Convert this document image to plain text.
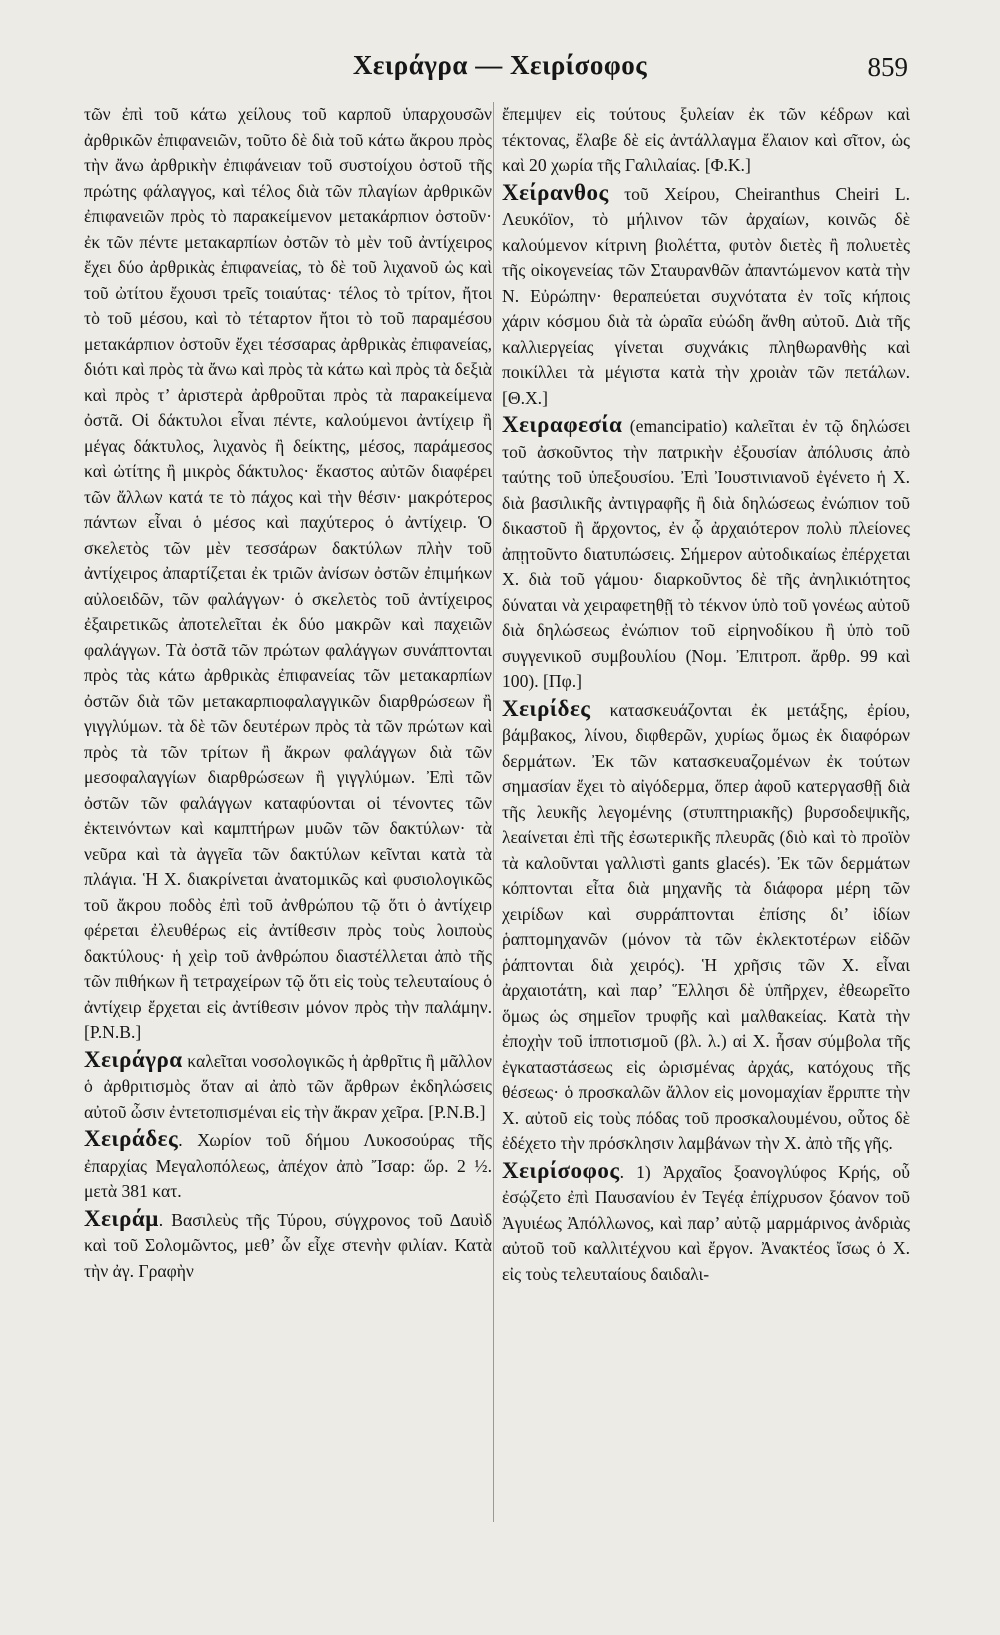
Χειράγρα — Χειρίσοφος	859

τῶν ἐπὶ τοῦ κάτω χείλους τοῦ καρποῦ ὑπαρχουσῶν ἀρθρικῶν ἐπιφανειῶν, τοῦτο δὲ διὰ τοῦ κάτω ἄκρου πρὸς τὴν ἄνω ἀρθρικὴν ἐπιφάνειαν τοῦ συστοίχου ὀστοῦ τῆς πρώτης φάλαγγος, καὶ τέλος διὰ τῶν πλαγίων ἀρθρικῶν ἐπιφανειῶν πρὸς τὸ παρακείμενον μετακάρπιον ὀστοῦν· ἐκ τῶν πέντε μετακαρπίων ὀστῶν τὸ μὲν τοῦ ἀντίχειρος ἔχει δύο ἀρθρικὰς ἐπιφανείας, τὸ δὲ τοῦ λιχανοῦ ὡς καὶ τοῦ ὠτίτου ἔχουσι τρεῖς τοιαύτας· τέλος τὸ τρίτον, ἤτοι τὸ τοῦ μέσου, καὶ τὸ τέταρτον ἤτοι τὸ τοῦ παραμέσου μετακάρπιον ὀστοῦν ἔχει τέσσαρας ἀρθρικὰς ἐπιφανείας, διότι καὶ πρὸς τὰ ἄνω καὶ πρὸς τὰ κάτω καὶ πρὸς τὰ δεξιὰ καὶ πρὸς τ’ ἀριστερὰ ἀρθροῦται πρὸς τὰ παρακείμενα ὀστᾶ. Οἱ δάκτυλοι εἶναι πέντε, καλούμενοι ἀντίχειρ ἢ μέγας δάκτυλος, λιχανὸς ἢ δείκτης, μέσος, παράμεσος καὶ ὠτίτης ἢ μικρὸς δάκτυλος· ἕκαστος αὐτῶν διαφέρει τῶν ἄλλων κατά τε τὸ πάχος καὶ τὴν θέσιν· μακρότερος πάντων εἶναι ὁ μέσος καὶ παχύτερος ὁ ἀντίχειρ. Ὁ σκελετὸς τῶν μὲν τεσσάρων δακτύλων πλὴν τοῦ ἀντίχειρος ἀπαρτίζεται ἐκ τριῶν ἀνίσων ὀστῶν ἐπιμήκων αὐλοειδῶν, τῶν φαλάγγων· ὁ σκελετὸς τοῦ ἀντίχειρος ἐξαιρετικῶς ἀποτελεῖται ἐκ δύο μακρῶν καὶ παχειῶν φαλάγγων. Τὰ ὀστᾶ τῶν πρώτων φαλάγγων συνάπτονται πρὸς τὰς κάτω ἀρθρικὰς ἐπιφανείας τῶν μετακαρπίων ὀστῶν διὰ τῶν μετακαρπιοφαλαγγικῶν διαρθρώσεων ἢ γιγγλύμων. τὰ δὲ τῶν δευτέρων πρὸς τὰ τῶν πρώτων καὶ πρὸς τὰ τῶν τρίτων ἢ ἄκρων φαλάγγων διὰ τῶν μεσοφαλαγγίων διαρθρώσεων ἢ γιγγλύμων. Ἐπὶ τῶν ὀστῶν τῶν φαλάγγων καταφύονται οἱ τένοντες τῶν ἐκτεινόντων καὶ καμπτήρων μυῶν τῶν δακτύλων· τὰ νεῦρα καὶ τὰ ἀγγεῖα τῶν δακτύλων κεῖνται κατὰ τὰ πλάγια. Ἡ Χ. διακρίνεται ἀνατομικῶς καὶ φυσιολογικῶς τοῦ ἄκρου ποδὸς ἐπὶ τοῦ ἀνθρώπου τῷ ὅτι ὁ ἀντίχειρ φέρεται ἐλευθέρως εἰς ἀντίθεσιν πρὸς τοὺς λοιποὺς δακτύλους· ἡ χεὶρ τοῦ ἀνθρώπου διαστέλλεται ἀπὸ τῆς τῶν πιθήκων ἢ τετραχείρων τῷ ὅτι εἰς τοὺς τελευταίους ὁ ἀντίχειρ ἔρχεται εἰς ἀντίθεσιν μόνον πρὸς τὴν παλάμην. [Ρ.Ν.Β.]

Χειράγρα καλεῖται νοσολογικῶς ἡ ἀρθρῖτις ἢ μᾶλλον ὁ ἀρθριτισμὸς ὅταν αἱ ἀπὸ τῶν ἄρθρων ἐκδηλώσεις αὐτοῦ ὦσιν ἐντετοπισμέναι εἰς τὴν ἄκραν χεῖρα. [Ρ.Ν.Β.]

Χειράδες. Χωρίον τοῦ δήμου Λυκοσούρας τῆς ἐπαρχίας Μεγαλοπόλεως, ἀπέχον ἀπὸ Ἴσαρ: ὥρ. 2 ½. μετὰ 381 κατ.

Χειράμ. Βασιλεὺς τῆς Τύρου, σύγχρονος τοῦ Δαυὶδ καὶ τοῦ Σολομῶντος, μεθ’ ὧν εἶχε στενὴν φιλίαν. Κατὰ τὴν ἀγ. Γραφὴν

ἔπεμψεν εἰς τούτους ξυλείαν ἐκ τῶν κέδρων καὶ τέκτονας, ἔλαβε δὲ εἰς ἀντάλλαγμα ἔλαιον καὶ σῖτον, ὡς καὶ 20 χωρία τῆς Γαλιλαίας. [Φ.Κ.]

Χείρανθος τοῦ Χείρου, Cheiranthus Cheiri L. Λευκόϊον, τὸ μήλινον τῶν ἀρχαίων, κοινῶς δὲ καλούμενον κίτρινη βιολέττα, φυτὸν διετὲς ἢ πολυετὲς τῆς οἰκογενείας τῶν Σταυρανθῶν ἀπαντώμενον κατὰ τὴν Ν. Εὐρώπην· θεραπεύεται συχνότατα ἐν τοῖς κήποις χάριν κόσμου διὰ τὰ ὡραῖα εὐώδη ἄνθη αὐτοῦ. Διὰ τῆς καλλιεργείας γίνεται συχνάκις πληθωρανθὴς καὶ ποικίλλει τὰ μέγιστα κατὰ τὴν χροιὰν τῶν πετάλων. [Θ.Χ.]

Χειραφεσία (emancipatio) καλεῖται ἐν τῷ δηλώσει τοῦ ἀσκοῦντος τὴν πατρικὴν ἐξουσίαν ἀπόλυσις ἀπὸ ταύτης τοῦ ὑπεξουσίου. Ἐπὶ Ἰουστινιανοῦ ἐγένετο ἡ Χ. διὰ βασιλικῆς ἀντιγραφῆς ἢ διὰ δηλώσεως ἐνώπιον τοῦ δικαστοῦ ἢ ἄρχοντος, ἐν ᾧ ἀρχαιότερον πολὺ πλείονες ἀπῃτοῦντο διατυπώσεις. Σήμερον αὐτοδικαίως ἐπέρχεται Χ. διὰ τοῦ γάμου· διαρκοῦντος δὲ τῆς ἀνηλικιότητος δύναται νὰ χειραφετηθῇ τὸ τέκνον ὑπὸ τοῦ γονέως αὐτοῦ διὰ δηλώσεως ἐνώπιον τοῦ εἰρηνοδίκου ἢ ὑπὸ τοῦ συγγενικοῦ συμβουλίου (Νομ. Ἐπιτροπ. ἄρθρ. 99 καὶ 100). [Πφ.]

Χειρίδες κατασκευάζονται ἐκ μετάξης, ἐρίου, βάμβακος, λίνου, διφθερῶν, χυρίως ὅμως ἐκ διαφόρων δερμάτων. Ἐκ τῶν κατασκευαζομένων ἐκ τούτων σημασίαν ἔχει τὸ αἰγόδερμα, ὅπερ ἀφοῦ κατεργασθῇ διὰ τῆς λευκῆς λεγομένης (στυπτηριακῆς) βυρσοδεψικῆς, λεαίνεται ἐπὶ τῆς ἐσωτερικῆς πλευρᾶς (διὸ καὶ τὸ προϊὸν τὰ καλοῦνται γαλλιστὶ gants glacés). Ἐκ τῶν δερμάτων κόπτονται εἶτα διὰ μηχανῆς τὰ διάφορα μέρη τῶν χειρίδων καὶ συρράπτονται ἐπίσης δι’ ἰδίων ῥαπτομηχανῶν (μόνον τὰ τῶν ἐκλεκτοτέρων εἰδῶν ῥάπτονται διὰ χειρός). Ἡ χρῆσις τῶν Χ. εἶναι ἀρχαιοτάτη, καὶ παρ’ Ἕλλησι δὲ ὑπῆρχεν, ἐθεωρεῖτο ὅμως ὡς σημεῖον τρυφῆς καὶ μαλθακείας. Κατὰ τὴν ἐποχὴν τοῦ ἱπποτισμοῦ (βλ. λ.) αἱ Χ. ἦσαν σύμβολα τῆς ἐγκαταστάσεως εἰς ὡρισμένας ἀρχάς, κατόχους τῆς θέσεως· ὁ προσκαλῶν ἄλλον εἰς μονομαχίαν ἔρριπτε τὴν Χ. αὐτοῦ εἰς τοὺς πόδας τοῦ προσκαλουμένου, οὗτος δὲ ἐδέχετο τὴν πρόσκλησιν λαμβάνων τὴν Χ. ἀπὸ τῆς γῆς.

Χειρίσοφος. 1) Ἀρχαῖος ξοανογλύφος Κρής, οὗ ἐσῴζετο ἐπὶ Παυσανίου ἐν Τεγέᾳ ἐπίχρυσον ξόανον τοῦ Ἀγυιέως Ἀπόλλωνος, καὶ παρ’ αὐτῷ μαρμάρινος ἀνδριὰς αὐτοῦ τοῦ καλλιτέχνου καὶ ἔργον. Ἀνακτέος ἴσως ὁ Χ. εἰς τοὺς τελευταίους δαιδαλι-
